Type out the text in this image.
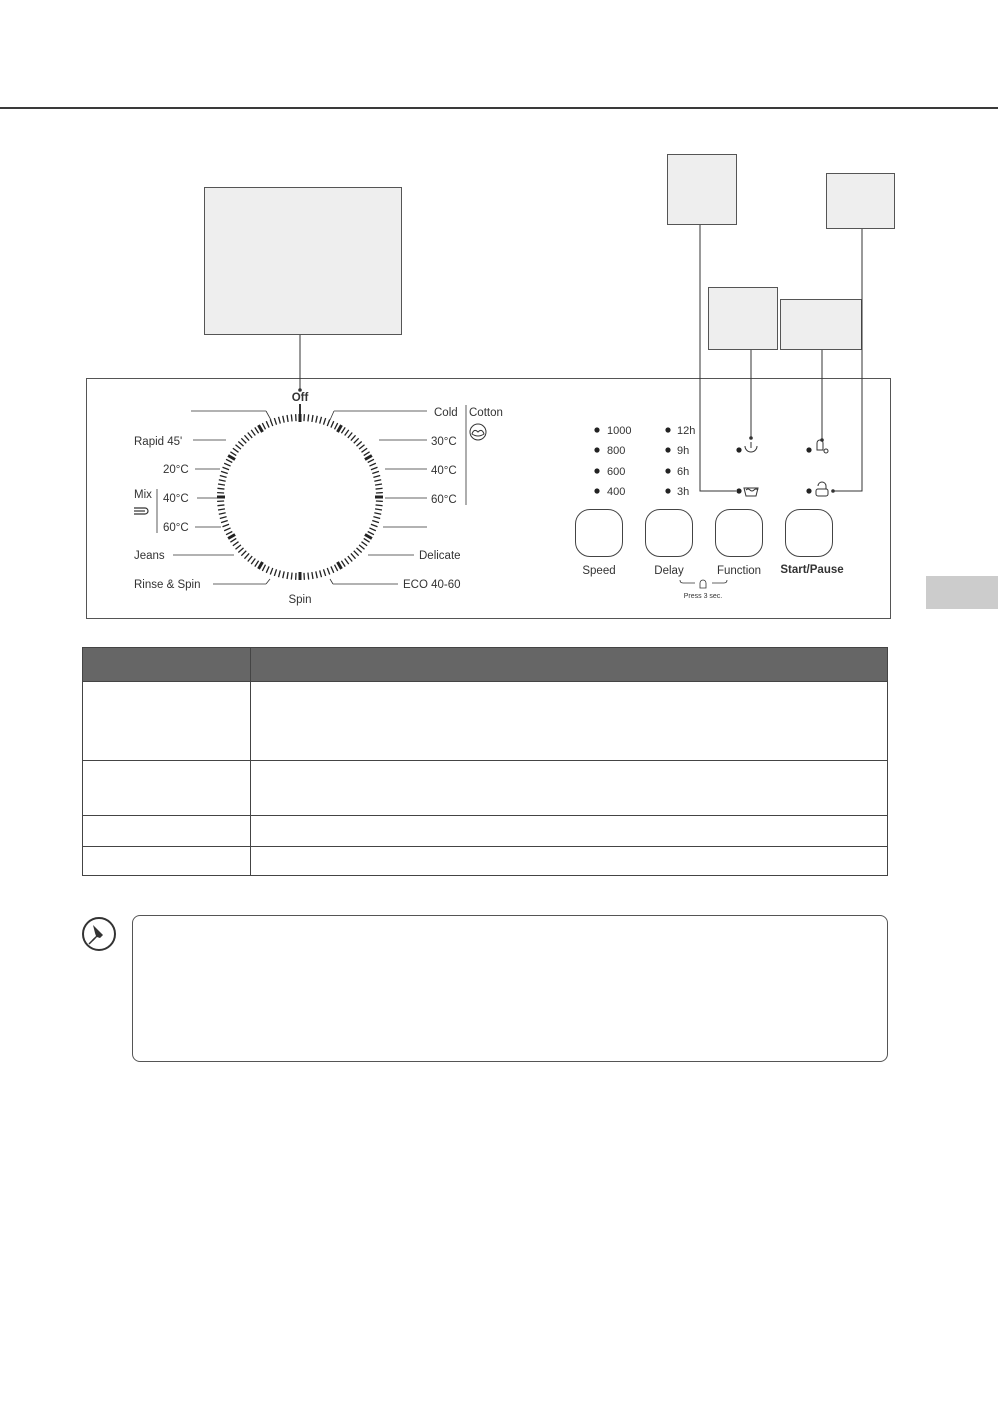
Off
Spin
Cold Cotton
30°C
40°C
60°C
Delicate
ECO 40-60
Rapid 45'
20°C
Mix 40°C
60°C
Jeans
Rinse & Spin
1000
800
600
400
12h
9h
6h
3h
Speed	Delay	Function Start/Pause
Press 3 sec.
